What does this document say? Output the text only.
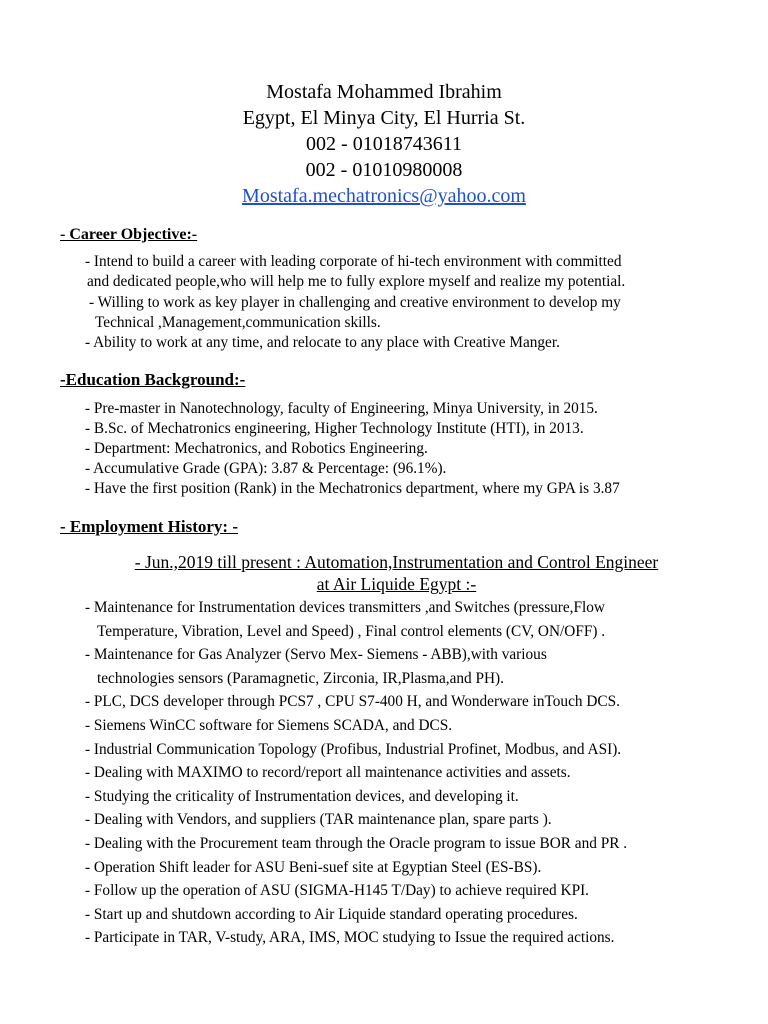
Mostafa Mohammed Ibrahim
Egypt, El Minya City, El Hurria St.
002 - 01018743611
002 - 01010980008
Mostafa.mechatronics@yahoo.com
- Career Objective:-
- Intend to build a career with leading corporate of hi-tech environment with committed
and dedicated people,who will help me to fully explore myself and realize my potential.
- Willing to work as key player in challenging and creative environment to develop my
Technical ,Management,communication skills.
- Ability to work at any time, and relocate to any place with Creative Manger.
-Education Background:-
- Pre-master in Nanotechnology, faculty of Engineering, Minya University, in 2015.
- B.Sc. of Mechatronics engineering, Higher Technology Institute (HTI), in 2013.
- Department: Mechatronics, and Robotics Engineering.
- Accumulative Grade (GPA): 3.87 & Percentage: (96.1%).
- Have the first position (Rank) in the Mechatronics department, where my GPA is 3.87
- Employment History: -
- Jun.,2019 till present : Automation,Instrumentation and Control Engineer
at Air Liquide Egypt :-
- Maintenance for Instrumentation devices transmitters ,and Switches (pressure,Flow
Temperature, Vibration, Level and Speed) , Final control elements (CV, ON/OFF) .
- Maintenance for Gas Analyzer (Servo Mex- Siemens - ABB),with various
technologies sensors (Paramagnetic, Zirconia, IR,Plasma,and PH).
- PLC, DCS developer through PCS7 , CPU S7-400 H, and Wonderware inTouch DCS.
- Siemens WinCC software for Siemens SCADA, and DCS.
- Industrial Communication Topology (Profibus, Industrial Profinet, Modbus, and ASI).
- Dealing with MAXIMO to record/report all maintenance activities and assets.
- Studying the criticality of Instrumentation devices, and developing it.
- Dealing with Vendors, and suppliers (TAR maintenance plan, spare parts ).
- Dealing with the Procurement team through the Oracle program to issue BOR and PR .
- Operation Shift leader for ASU Beni-suef site at Egyptian Steel (ES-BS).
- Follow up the operation of ASU (SIGMA-H145 T/Day) to achieve required KPI.
- Start up and shutdown according to Air Liquide standard operating procedures.
- Participate in TAR, V-study, ARA, IMS, MOC studying to Issue the required actions.
